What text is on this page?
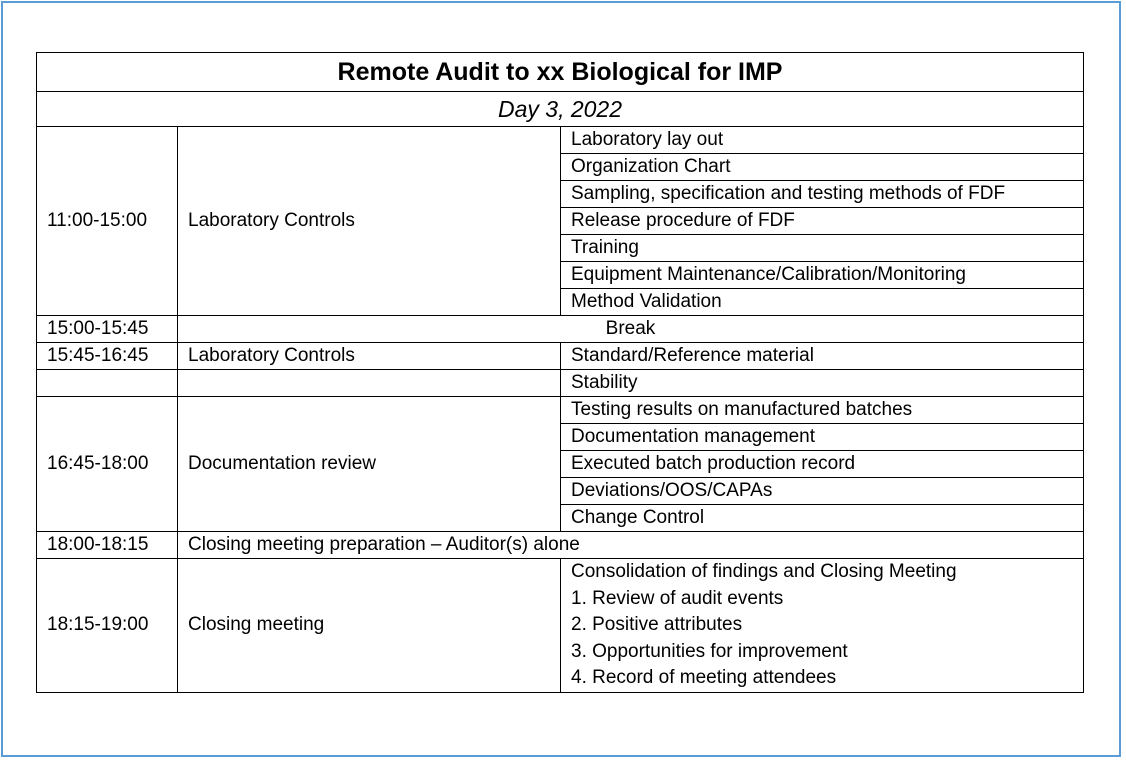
Remote Audit to xx Biological for IMP		
Day 3, 2022		
11:00-15:00	Laboratory Controls	Laboratory lay out
		Organization Chart
		Sampling, specification and testing methods of FDF
		Release procedure of FDF
		Training
		Equipment Maintenance/Calibration/Monitoring
		Method Validation
15:00-15:45	Break	
15:45-16:45	Laboratory Controls	Standard/Reference material
		Stability
16:45-18:00	Documentation review	Testing results on manufactured batches
		Documentation management
		Executed batch production record
		Deviations/OOS/CAPAs
		Change Control
18:00-18:15	Closing meeting preparation – Auditor(s) alone	
18:15-19:00	Closing meeting	Consolidation of findings and Closing Meeting
1. Review of audit events
2. Positive attributes
3. Opportunities for improvement
4. Record of meeting attendees
